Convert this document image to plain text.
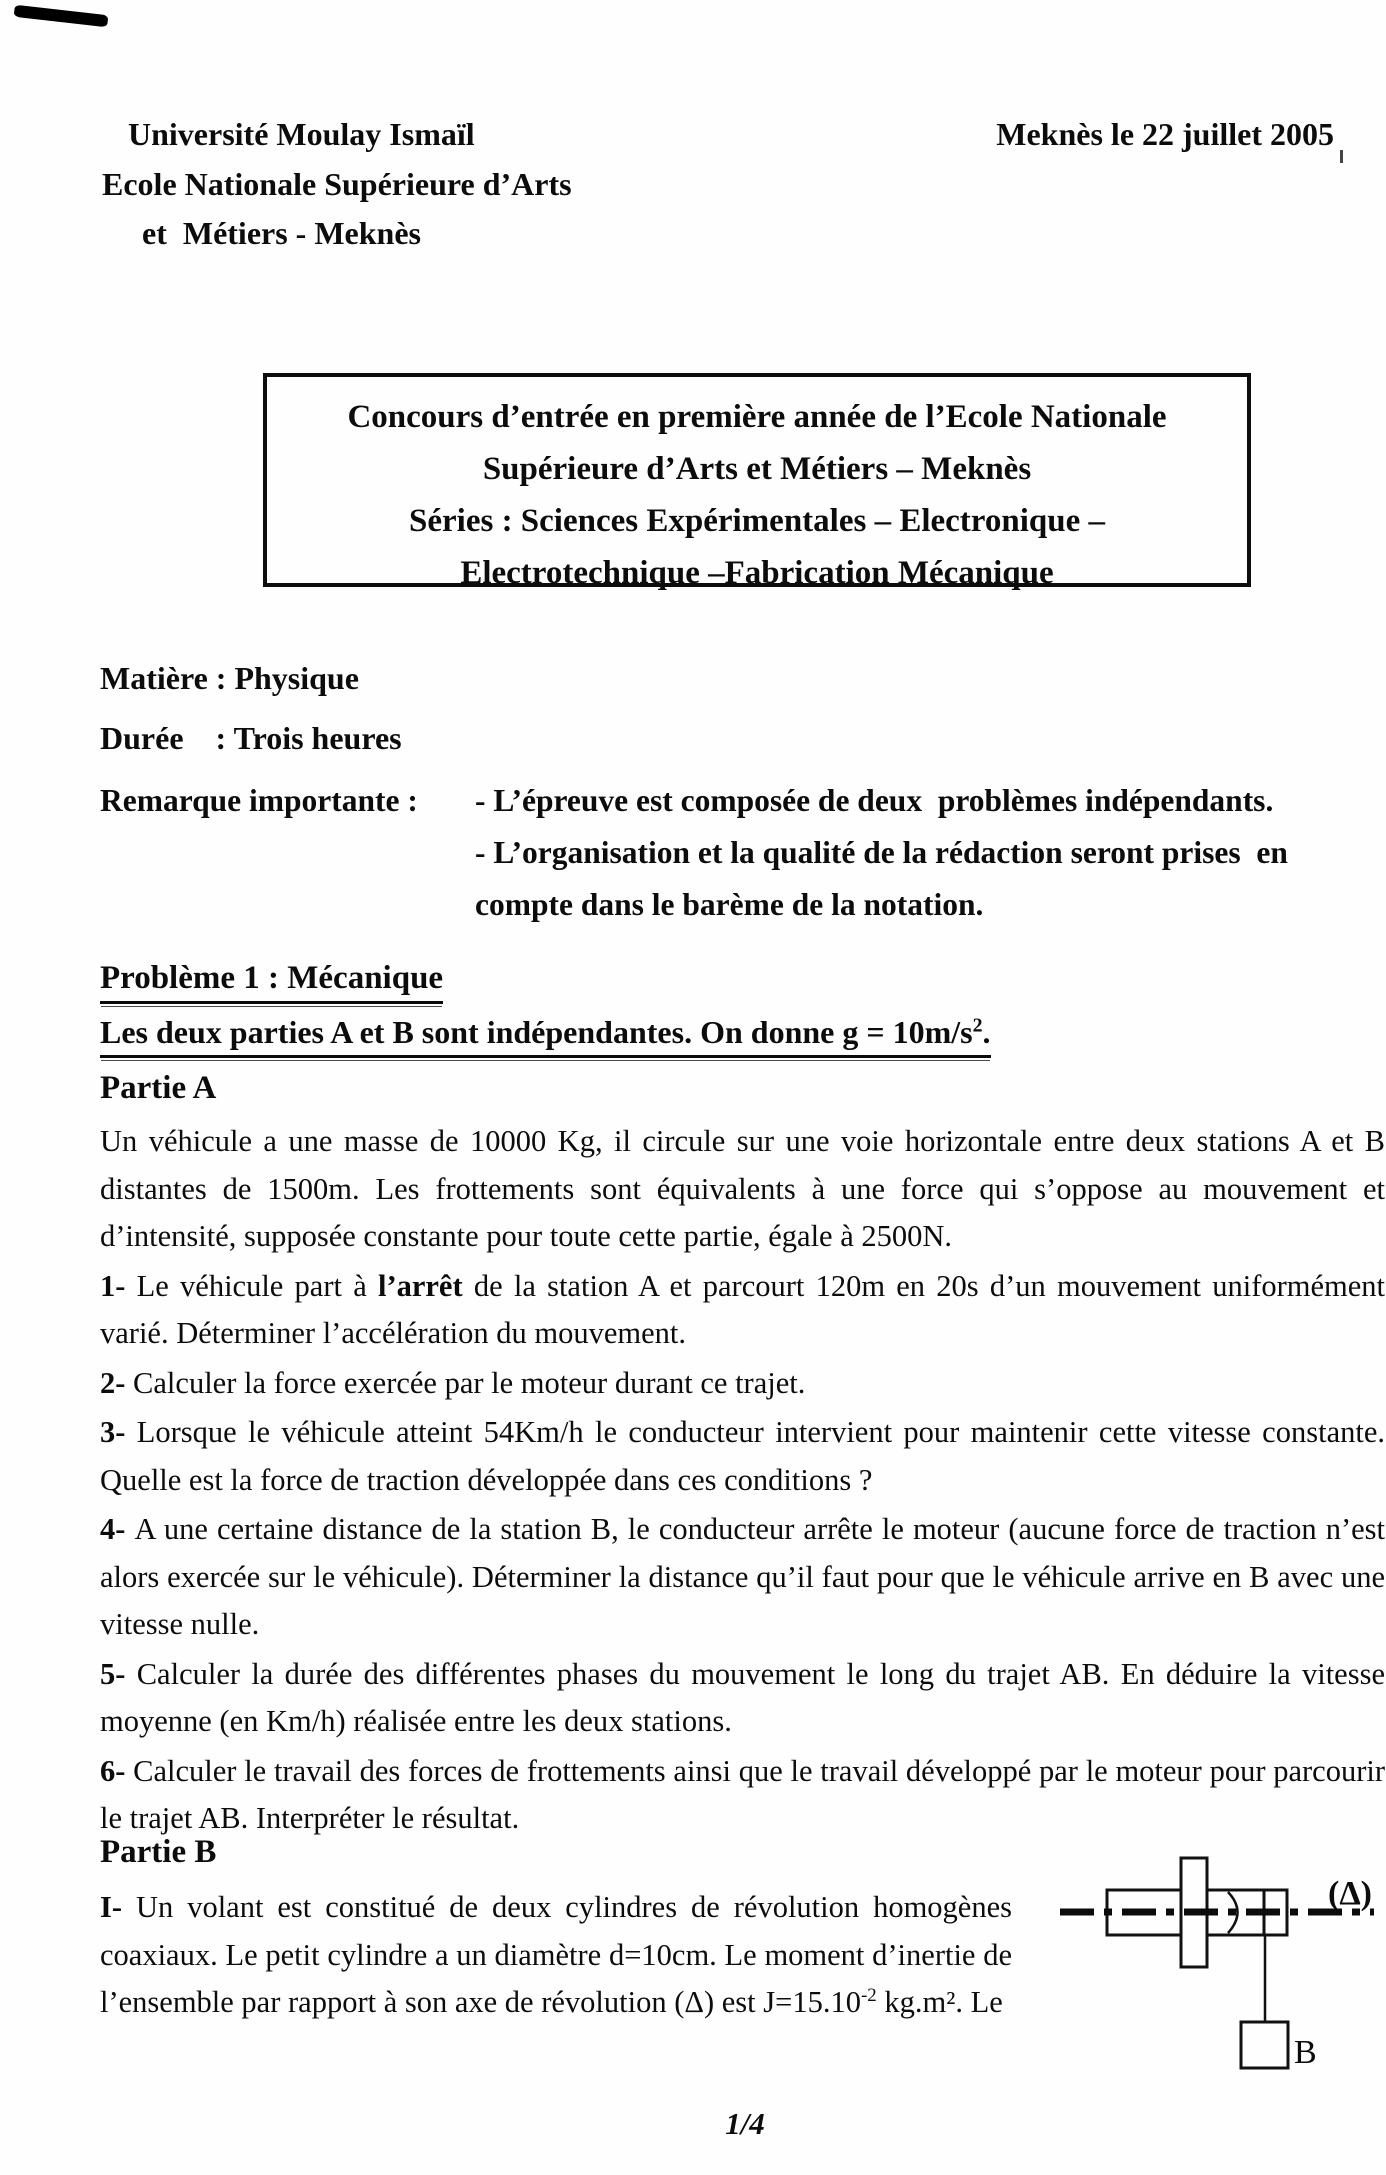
Université Moulay Ismaïl	Meknès le 22 juillet 2005
Ecole Nationale Supérieure d’Arts
et  Métiers - Meknès
Concours d’entrée en première année de l’Ecole Nationale
Supérieure d’Arts et Métiers – Meknès
Séries : Sciences Expérimentales – Electronique –
Electrotechnique –Fabrication Mécanique
Matière : Physique
Durée    : Trois heures
Remarque importante :	- L’épreuve est composée de deux  problèmes indépendants.
- L’organisation et la qualité de la rédaction seront prises  en
compte dans le barème de la notation.
Problème 1 : Mécanique
Les deux parties A et B sont indépendantes. On donne $g = 10m/s^2$.
Partie A

Un véhicule a une masse de 10000 Kg, il circule sur une voie horizontale entre deux stations A et B distantes de 1500m. Les frottements sont équivalents à une force qui s’oppose au mouvement et d’intensité, supposée constante pour toute cette partie, égale à 2500N.

1- Le véhicule part à l’arrêt de la station A et parcourt 120m en 20s d’un mouvement uniformément varié. Déterminer l’accélération du mouvement.

2- Calculer la force exercée par le moteur durant ce trajet.

3- Lorsque le véhicule atteint 54Km/h le conducteur intervient pour maintenir cette vitesse constante. Quelle est la force de traction développée dans ces conditions ?

4- A une certaine distance de la station B, le conducteur arrête le moteur (aucune force de traction n’est alors exercée sur le véhicule). Déterminer la distance qu’il faut pour que le véhicule arrive en B avec une vitesse nulle.

5- Calculer la durée des différentes phases du mouvement le long du trajet AB. En déduire la vitesse moyenne (en Km/h) réalisée entre les deux stations.

6- Calculer le travail des forces de frottements ainsi que le travail développé par le moteur pour parcourir le trajet AB. Interpréter le résultat.

Partie B
I- Un volant est constitué de deux cylindres de révolution homogènes coaxiaux. Le petit cylindre a un diamètre d=10cm. Le moment d’inertie de l’ensemble par rapport à son axe de révolution (Δ) est $J=15.10^{-2}$ kg.m². Le
(Δ)
B
1/4
